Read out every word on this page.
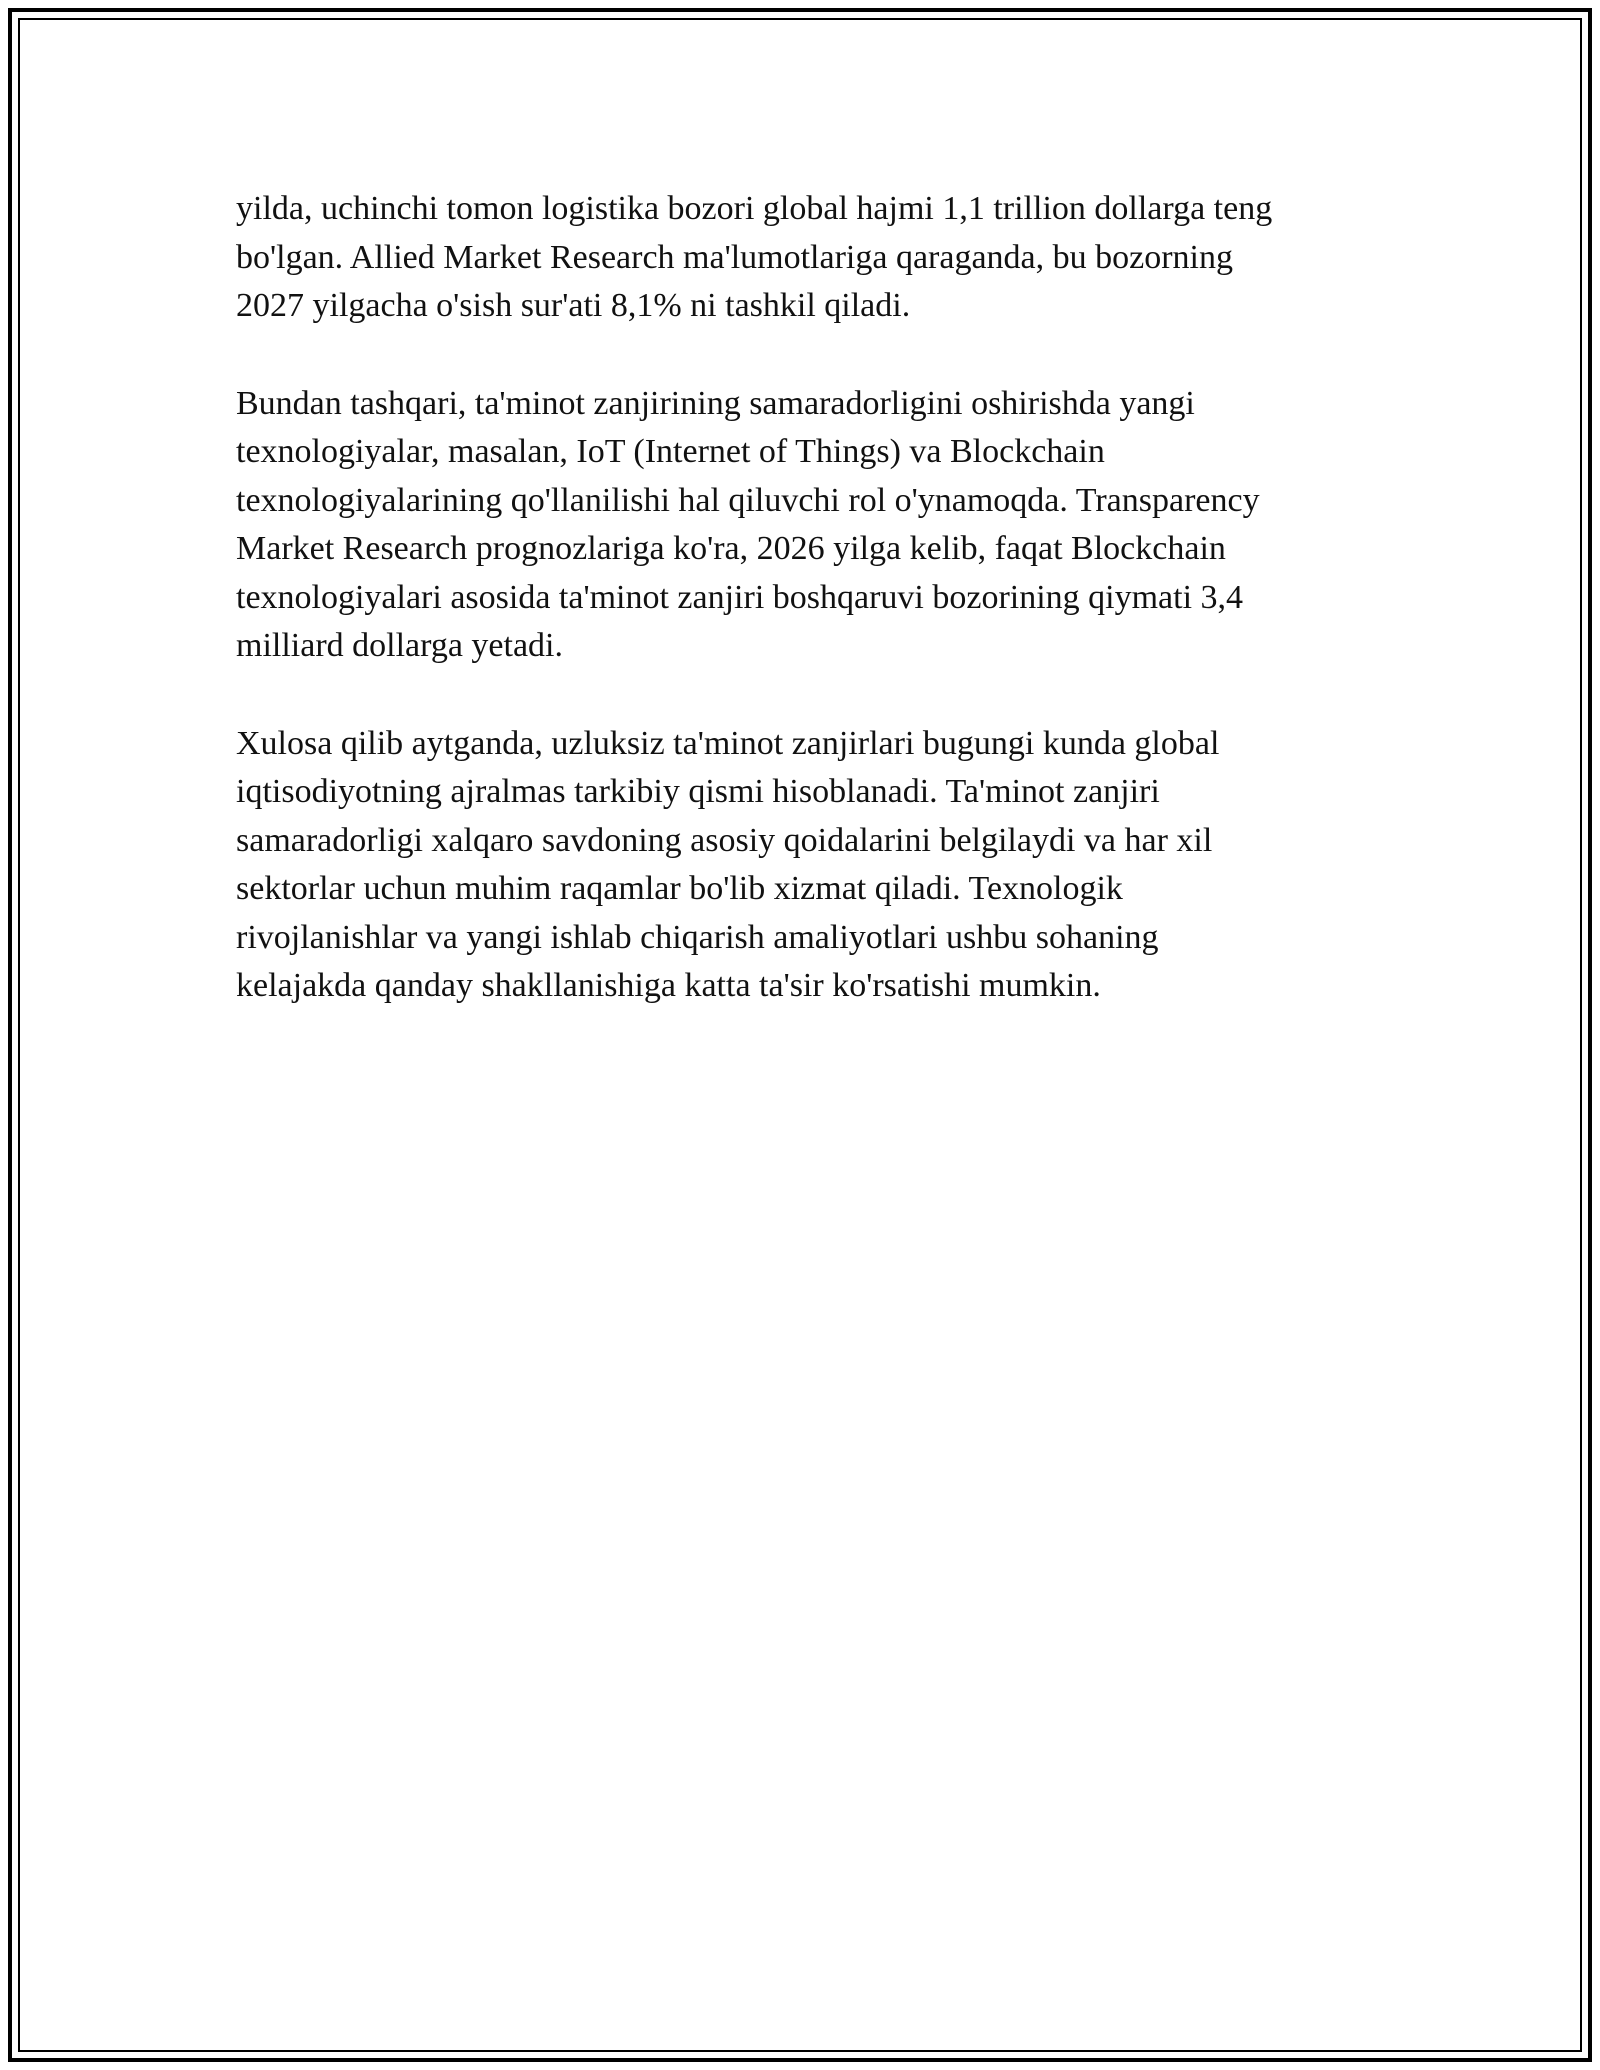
yilda, uchinchi tomon logistika bozori global hajmi 1,1 trillion dollarga teng
bo'lgan. Allied Market Research ma'lumotlariga qaraganda, bu bozorning
2027 yilgacha o'sish sur'ati 8,1% ni tashkil qiladi.

Bundan tashqari, ta'minot zanjirining samaradorligini oshirishda yangi
texnologiyalar, masalan, IoT (Internet of Things) va Blockchain
texnologiyalarining qo'llanilishi hal qiluvchi rol o'ynamoqda. Transparency
Market Research prognozlariga ko'ra, 2026 yilga kelib, faqat Blockchain
texnologiyalari asosida ta'minot zanjiri boshqaruvi bozorining qiymati 3,4
milliard dollarga yetadi.

Xulosa qilib aytganda, uzluksiz ta'minot zanjirlari bugungi kunda global
iqtisodiyotning ajralmas tarkibiy qismi hisoblanadi. Ta'minot zanjiri
samaradorligi xalqaro savdoning asosiy qoidalarini belgilaydi va har xil
sektorlar uchun muhim raqamlar bo'lib xizmat qiladi. Texnologik
rivojlanishlar va yangi ishlab chiqarish amaliyotlari ushbu sohaning
kelajakda qanday shakllanishiga katta ta'sir ko'rsatishi mumkin.
